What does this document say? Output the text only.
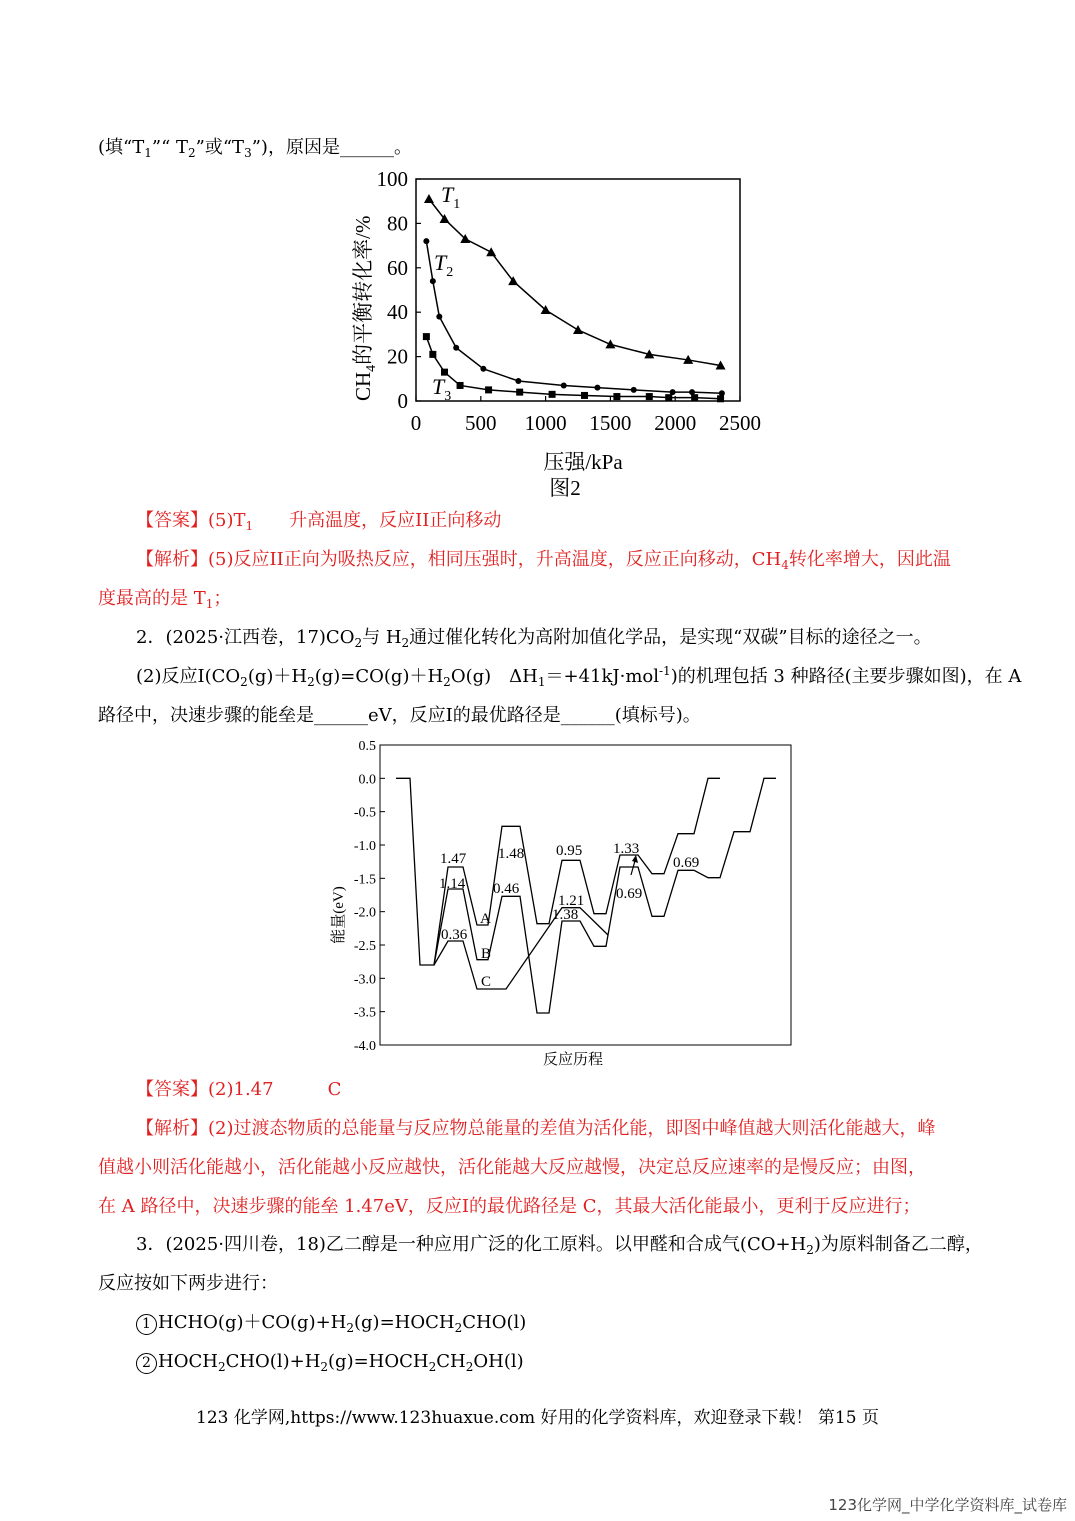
(填“$T_1”“$ $T_2$”或“$T_3$”)，原因是______。
0 500 1000 1500 2000 2500
0
20
40
60
80
100
$T_1$
$T_2$
$T_3$
$CH_4$的平衡转化率/%
压强/kPa
图2
【答案】$(5)T_1$　　升高温度，反应II正向移动
【解析】(5)反应II正向为吸热反应，相同压强时，升高温度，反应正向移动，$CH_4$转化率增大，因此温
度最高的是 $T_1$；
2．(2025·江西卷，$17)CO_2$与 $H_2$通过催化转化为高附加值化学品，是实现“双碳”目标的途径之一。
(2)反应$I(CO_2(g)+H_2(g)=CO(g)+H_2O(g)$　$\Delta H_1=+41kJ\cdot mol^{-1}$)的机理包括 3 种路径(主要步骤如图)，在 A
路径中，决速步骤的能垒是______eV，反应I的最优路径是______(填标号)。
0.5
0.0
-0.5
-1.0
-1.5
-2.0
-2.5
-3.0
-3.5
-4.0
A
B
C
1.47
1.14
0.36
1.48
0.46
0.95
1.21
1.38
1.33
0.69
0.69
能量(eV)
反应历程
【答案】(2)1.47　　　C
【解析】(2)过渡态物质的总能量与反应物总能量的差值为活化能，即图中峰值越大则活化能越大，峰
值越小则活化能越小，活化能越小反应越快，活化能越大反应越慢，决定总反应速率的是慢反应；由图，
在 A 路径中，决速步骤的能垒 1.47eV，反应I的最优路径是 C，其最大活化能最小，更利于反应进行；
3．(2025·四川卷，18)乙二醇是一种应用广泛的化工原料。以甲醛和合成气$(CO+H_2)$为原料制备乙二醇，
反应按如下两步进行：
1 $HCHO(g)+CO(g)+H_2(g)=HOCH_2CHO(l)$
2 $HOCH_2CHO(l)+H_2(g)=HOCH_2CH_2OH(l)$
123 化学网,https://www.123huaxue.com 好用的化学资料库，欢迎登录下载！ 第15 页
123化学网_中学化学资料库_试卷库
